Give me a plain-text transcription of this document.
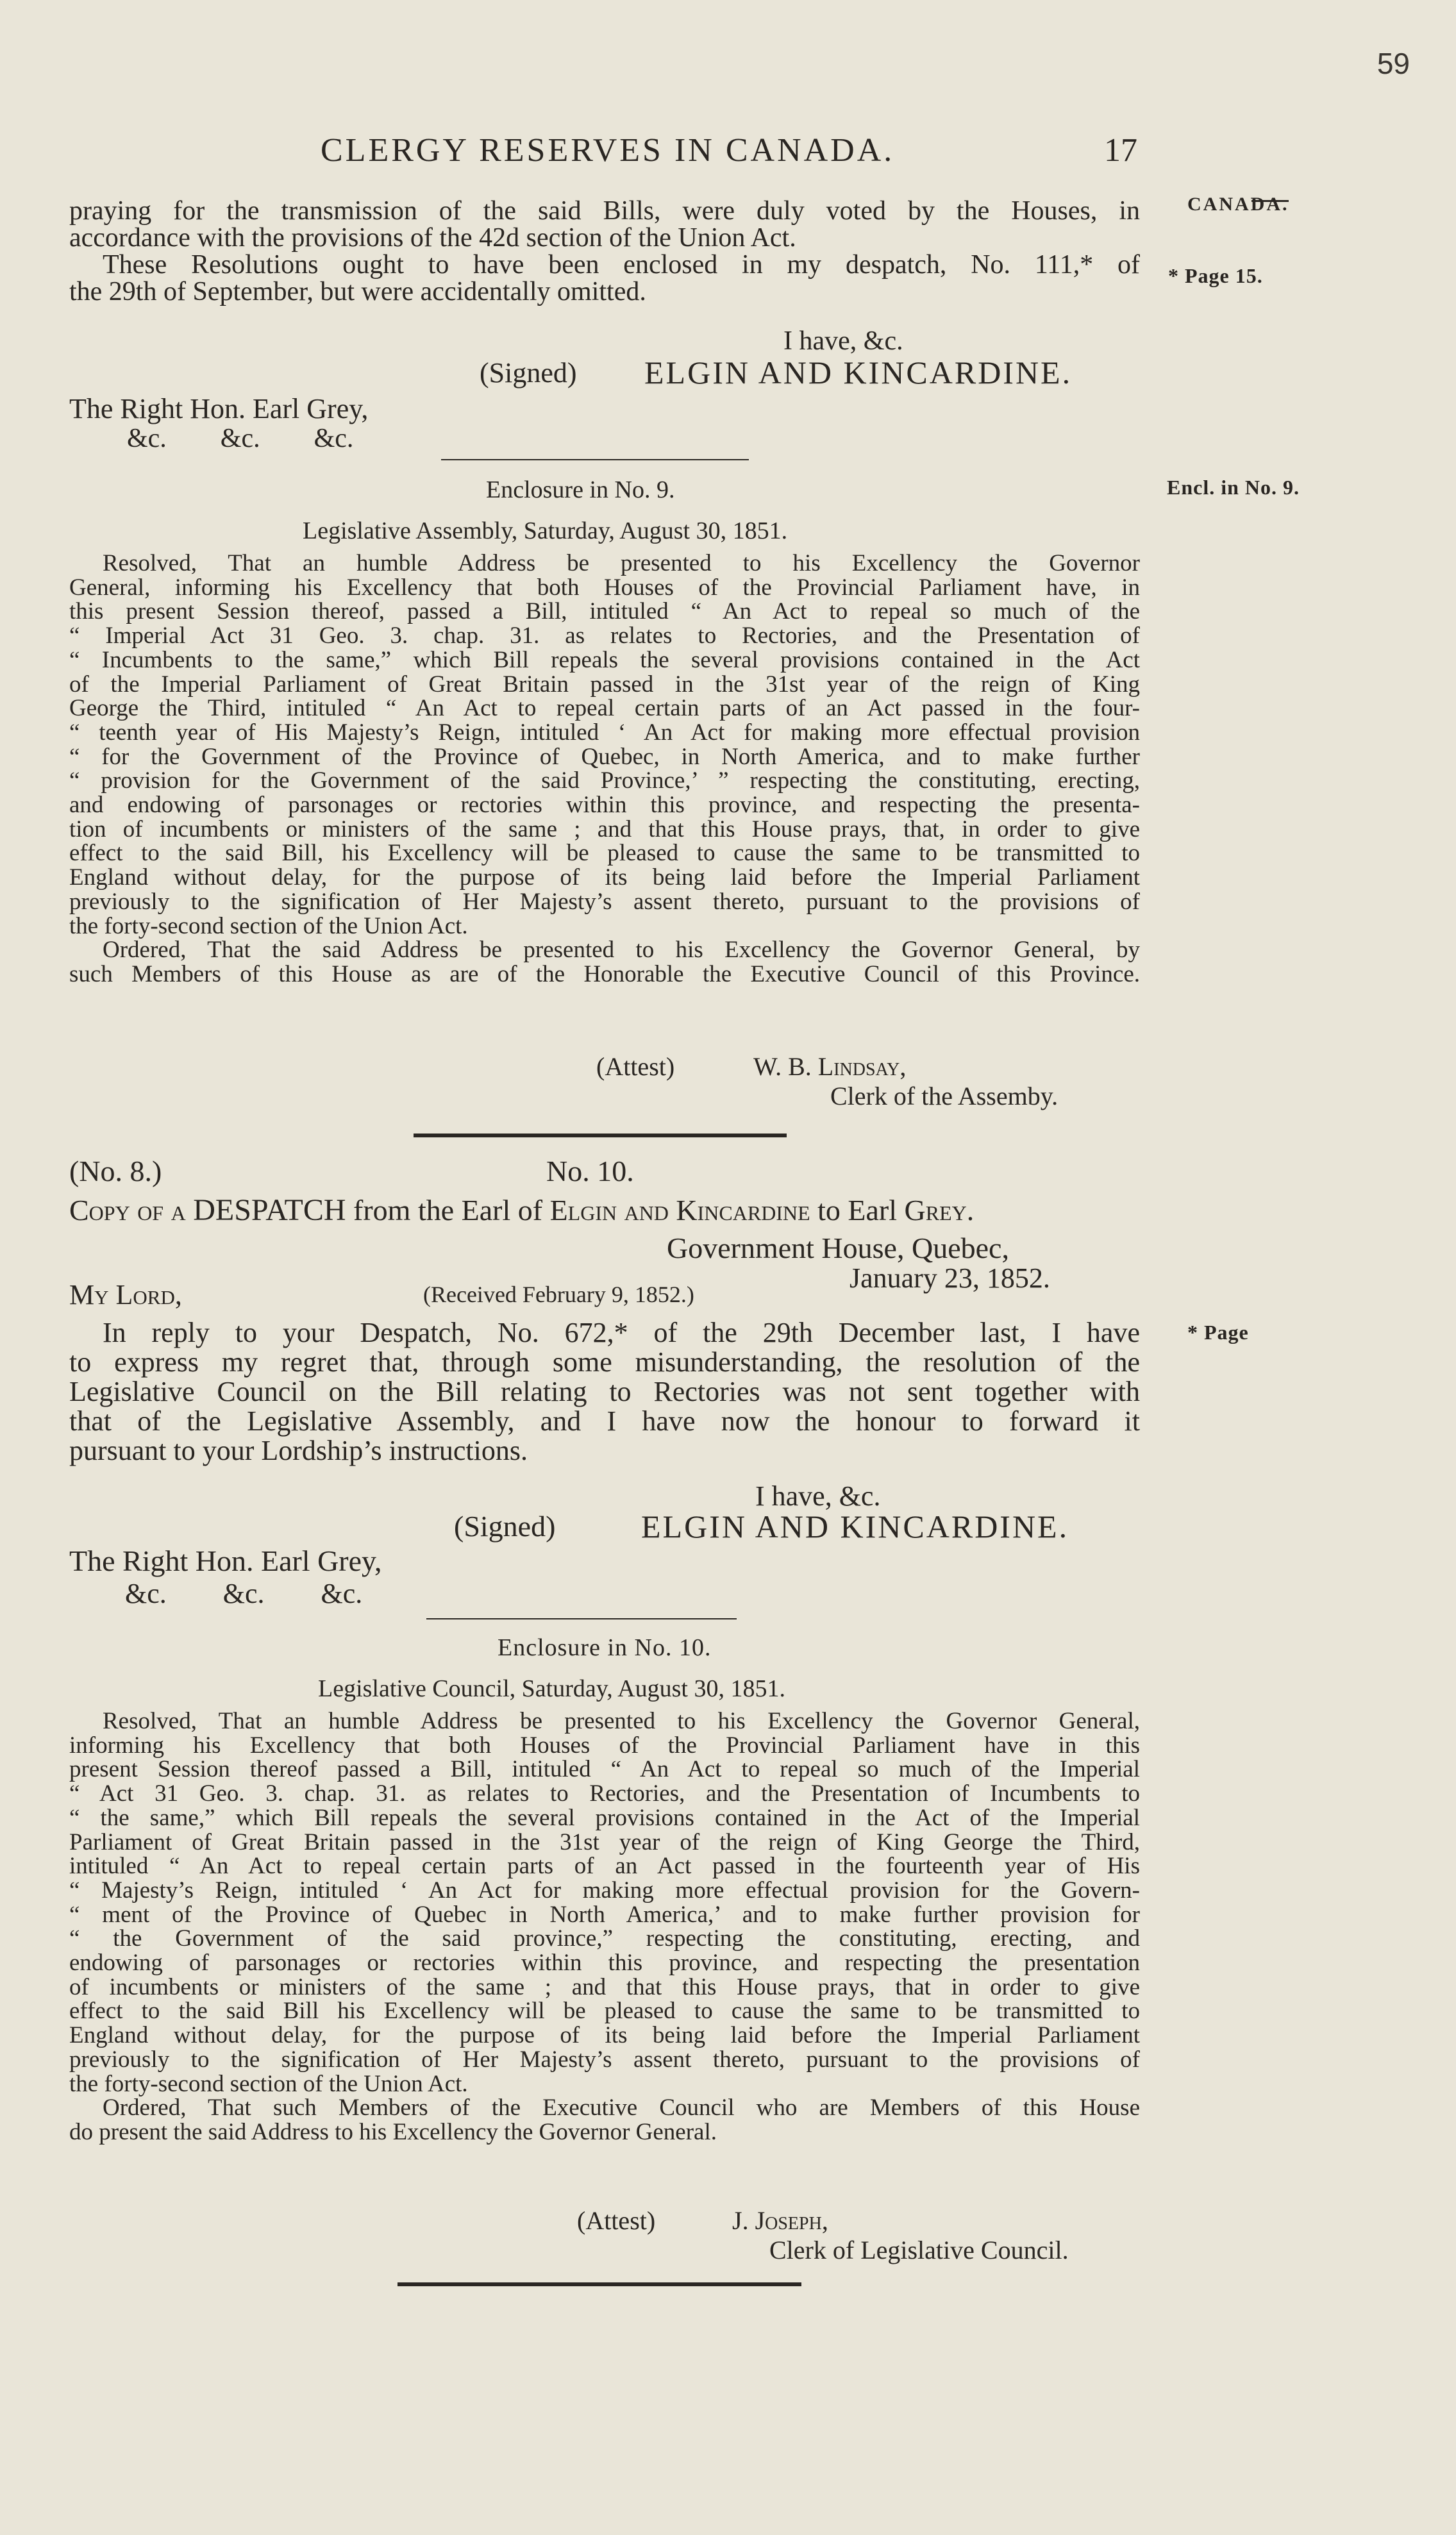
59
CLERGY RESERVES IN CANADA.	17
CANADA.
* Page 15.
Encl. in No. 9.
* Page

praying for the transmission of the said Bills, were duly voted by the Houses, in

accordance with the provisions of the 42d section of the Union Act.

These Resolutions ought to have been enclosed in my despatch, No. 111,* of

the 29th of September, but were accidentally omitted.

I have, &c.
(Signed) ELGIN AND KINCARDINE.
The Right Hon. Earl Grey,
&c.        &c.        &c.
Enclosure in No. 9.
Legislative Assembly, Saturday, August 30, 1851.

Resolved, That an humble Address be presented to his Excellency the Governor

General, informing his Excellency that both Houses of the Provincial Parliament have, in

this present Session thereof, passed a Bill, intituled “ An Act to repeal so much of the

“ Imperial Act 31 Geo. 3. chap. 31. as relates to Rectories, and the Presentation of

“ Incumbents to the same,” which Bill repeals the several provisions contained in the Act

of the Imperial Parliament of Great Britain passed in the 31st year of the reign of King

George the Third, intituled “ An Act to repeal certain parts of an Act passed in the four-

“ teenth year of His Majesty’s Reign, intituled ‘ An Act for making more effectual provision

“ for the Government of the Province of Quebec, in North America, and to make further

“ provision for the Government of the said Province,’ ” respecting the constituting, erecting,

and endowing of parsonages or rectories within this province, and respecting the presenta-

tion of incumbents or ministers of the same ; and that this House prays, that, in order to give

effect to the said Bill, his Excellency will be pleased to cause the same to be transmitted to

England without delay, for the purpose of its being laid before the Imperial Parliament

previously to the signification of Her Majesty’s assent thereto, pursuant to the provisions of

the forty-second section of the Union Act.

Ordered, That the said Address be presented to his Excellency the Governor General, by

such Members of this House as are of the Honorable the Executive Council of this Province.

(Attest)	W. B. Lindsay,
Clerk of the Assemby.
(No. 8.)	No. 10.
Copy of a DESPATCH from the Earl of Elgin and Kincardine to Earl Grey.
Government House, Quebec,
January 23, 1852.
My Lord,	(Received February 9, 1852.)

In reply to your Despatch, No. 672,* of the 29th December last, I have

to express my regret that, through some misunderstanding, the resolution of the

Legislative Council on the Bill relating to Rectories was not sent together with

that of the Legislative Assembly, and I have now the honour to forward it

pursuant to your Lordship’s instructions.

I have, &c.
(Signed)	ELGIN AND KINCARDINE.
The Right Hon. Earl Grey,
&c.        &c.        &c.
Enclosure in No. 10.
Legislative Council, Saturday, August 30, 1851.

Resolved, That an humble Address be presented to his Excellency the Governor General,

informing his Excellency that both Houses of the Provincial Parliament have in this

present Session thereof passed a Bill, intituled “ An Act to repeal so much of the Imperial

“ Act 31 Geo. 3. chap. 31. as relates to Rectories, and the Presentation of Incumbents to

“ the same,” which Bill repeals the several provisions contained in the Act of the Imperial

Parliament of Great Britain passed in the 31st year of the reign of King George the Third,

intituled “ An Act to repeal certain parts of an Act passed in the fourteenth year of His

“ Majesty’s Reign, intituled ‘ An Act for making more effectual provision for the Govern-

“ ment of the Province of Quebec in North America,’ and to make further provision for

“ the Government of the said province,” respecting the constituting, erecting, and

endowing of parsonages or rectories within this province, and respecting the presentation

of incumbents or ministers of the same ; and that this House prays, that in order to give

effect to the said Bill his Excellency will be pleased to cause the same to be transmitted to

England without delay, for the purpose of its being laid before the Imperial Parliament

previously to the signification of Her Majesty’s assent thereto, pursuant to the provisions of

the forty-second section of the Union Act.

Ordered, That such Members of the Executive Council who are Members of this House

do present the said Address to his Excellency the Governor General.

(Attest)	J. Joseph,
Clerk of Legislative Council.
